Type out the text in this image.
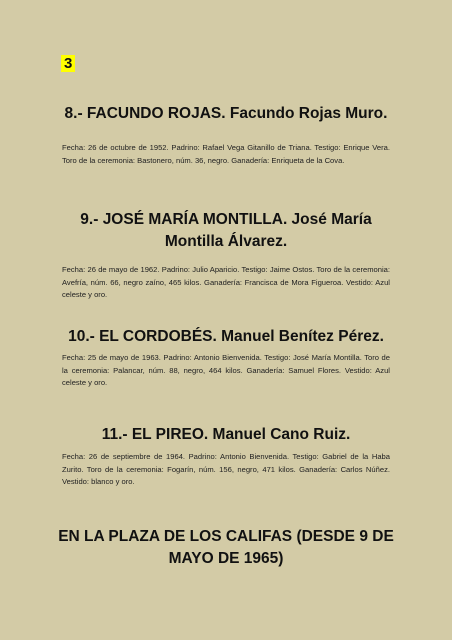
3
8.- FACUNDO ROJAS. Facundo Rojas Muro.
Fecha: 26 de octubre de 1952. Padrino: Rafael Vega Gitanillo de Triana. Testigo: Enrique Vera. Toro de la ceremonia: Bastonero, núm. 36, negro. Ganadería: Enriqueta de la Cova.
9.- JOSÉ MARÍA MONTILLA. José María
Montilla Álvarez.
Fecha: 26 de mayo de 1962. Padrino: Julio Aparicio. Testigo: Jaime Ostos. Toro de la ceremonia: Avefría, núm. 66, negro zaíno, 465 kilos. Ganadería: Francisca de Mora Figueroa. Vestido: Azul celeste y oro.
10.- EL CORDOBÉS. Manuel Benítez Pérez.
Fecha: 25 de mayo de 1963. Padrino: Antonio Bienvenida. Testigo: José María Montilla. Toro de la ceremonia: Palancar, núm. 88, negro, 464 kilos. Ganadería: Samuel Flores. Vestido: Azul celeste y oro.
11.- EL PIREO. Manuel Cano Ruiz.
Fecha: 26 de septiembre de 1964. Padrino: Antonio Bienvenida. Testigo: Gabriel de la Haba Zurito. Toro de la ceremonia: Fogarín, núm. 156, negro, 471 kilos. Ganadería: Carlos Núñez. Vestido: blanco y oro.
EN LA PLAZA DE LOS CALIFAS (DESDE 9 DE
MAYO DE 1965)
